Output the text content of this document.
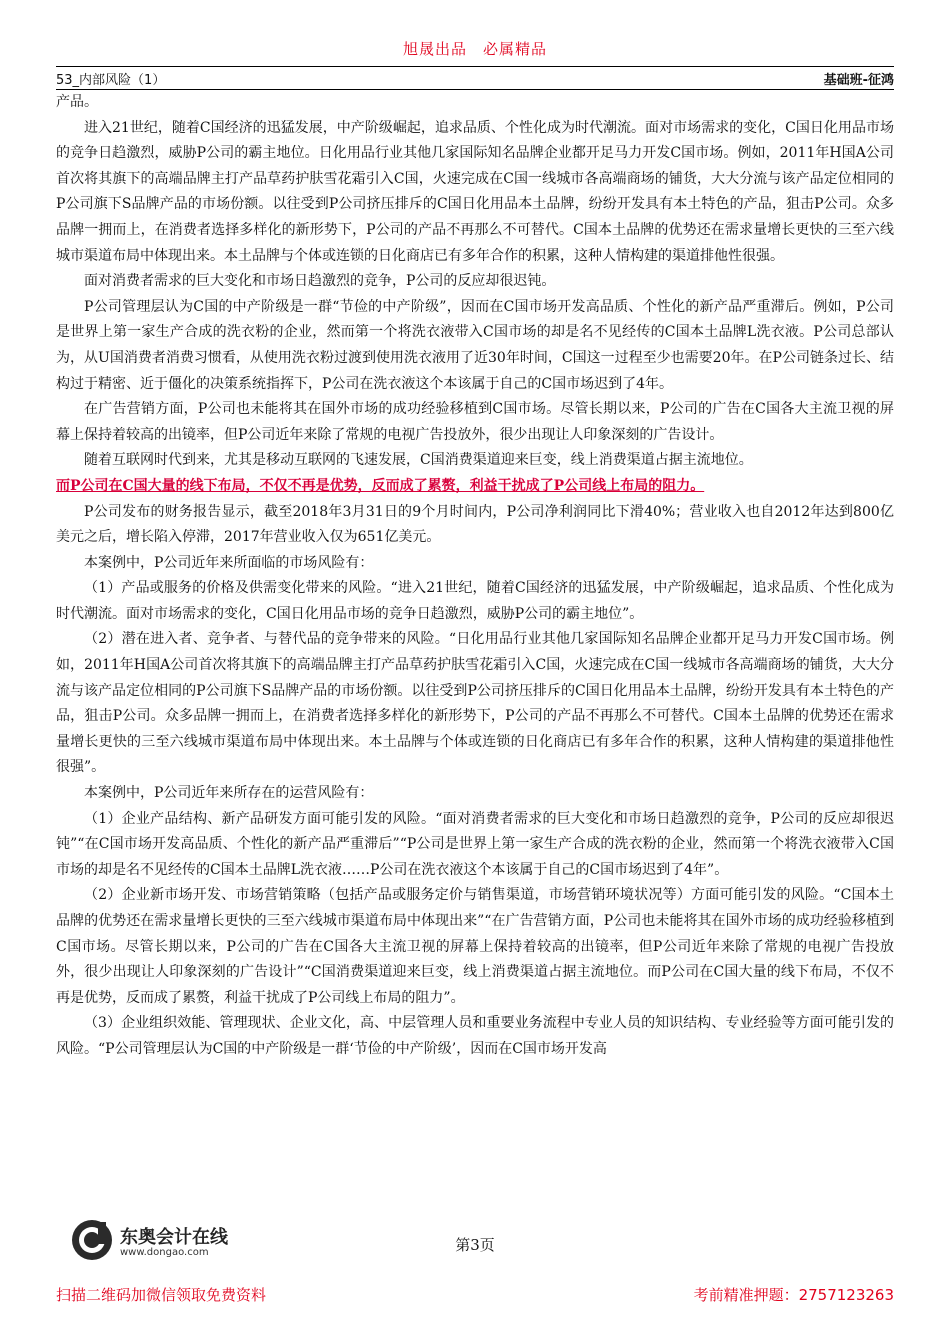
旭晟出品　必属精品
53_内部风险（1）	基础班-征鸿

产品。

进入21世纪，随着C国经济的迅猛发展，中产阶级崛起，追求品质、个性化成为时代潮流。面对市场需求的变化，C国日化用品市场的竞争日趋激烈，威胁P公司的霸主地位。日化用品行业其他几家国际知名品牌企业都开足马力开发C国市场。例如，2011年H国A公司首次将其旗下的高端品牌主打产品草药护肤雪花霜引入C国，火速完成在C国一线城市各高端商场的铺货，大大分流与该产品定位相同的P公司旗下S品牌产品的市场份额。以往受到P公司挤压排斥的C国日化用品本土品牌，纷纷开发具有本土特色的产品，狙击P公司。众多品牌一拥而上，在消费者选择多样化的新形势下，P公司的产品不再那么不可替代。C国本土品牌的优势还在需求量增长更快的三至六线城市渠道布局中体现出来。本土品牌与个体或连锁的日化商店已有多年合作的积累，这种人情构建的渠道排他性很强。

面对消费者需求的巨大变化和市场日趋激烈的竞争，P公司的反应却很迟钝。

P公司管理层认为C国的中产阶级是一群“节俭的中产阶级”，因而在C国市场开发高品质、个性化的新产品严重滞后。例如，P公司是世界上第一家生产合成的洗衣粉的企业，然而第一个将洗衣液带入C国市场的却是名不见经传的C国本土品牌L洗衣液。P公司总部认为，从U国消费者消费习惯看，从使用洗衣粉过渡到使用洗衣液用了近30年时间，C国这一过程至少也需要20年。在P公司链条过长、结构过于精密、近于僵化的决策系统指挥下，P公司在洗衣液这个本该属于自己的C国市场迟到了4年。

在广告营销方面，P公司也未能将其在国外市场的成功经验移植到C国市场。尽管长期以来，P公司的广告在C国各大主流卫视的屏幕上保持着较高的出镜率，但P公司近年来除了常规的电视广告投放外，很少出现让人印象深刻的广告设计。

随着互联网时代到来，尤其是移动互联网的飞速发展，C国消费渠道迎来巨变，线上消费渠道占据主流地位。

而P公司在C国大量的线下布局，不仅不再是优势，反而成了累赘，利益干扰成了P公司线上布局的阻力。

P公司发布的财务报告显示，截至2018年3月31日的9个月时间内，P公司净利润同比下滑40%；营业收入也自2012年达到800亿美元之后，增长陷入停滞，2017年营业收入仅为651亿美元。

本案例中，P公司近年来所面临的市场风险有：

（1）产品或服务的价格及供需变化带来的风险。“进入21世纪，随着C国经济的迅猛发展，中产阶级崛起，追求品质、个性化成为时代潮流。面对市场需求的变化，C国日化用品市场的竞争日趋激烈，威胁P公司的霸主地位”。

（2）潜在进入者、竞争者、与替代品的竞争带来的风险。“日化用品行业其他几家国际知名品牌企业都开足马力开发C国市场。例如，2011年H国A公司首次将其旗下的高端品牌主打产品草药护肤雪花霜引入C国，火速完成在C国一线城市各高端商场的铺货，大大分流与该产品定位相同的P公司旗下S品牌产品的市场份额。以往受到P公司挤压排斥的C国日化用品本土品牌，纷纷开发具有本土特色的产品，狙击P公司。众多品牌一拥而上，在消费者选择多样化的新形势下，P公司的产品不再那么不可替代。C国本土品牌的优势还在需求量增长更快的三至六线城市渠道布局中体现出来。本土品牌与个体或连锁的日化商店已有多年合作的积累，这种人情构建的渠道排他性很强”。

本案例中，P公司近年来所存在的运营风险有：

（1）企业产品结构、新产品研发方面可能引发的风险。“面对消费者需求的巨大变化和市场日趋激烈的竞争，P公司的反应却很迟钝”“在C国市场开发高品质、个性化的新产品严重滞后”“P公司是世界上第一家生产合成的洗衣粉的企业，然而第一个将洗衣液带入C国市场的却是名不见经传的C国本土品牌L洗衣液……P公司在洗衣液这个本该属于自己的C国市场迟到了4年”。

（2）企业新市场开发、市场营销策略（包括产品或服务定价与销售渠道，市场营销环境状况等）方面可能引发的风险。“C国本土品牌的优势还在需求量增长更快的三至六线城市渠道布局中体现出来”“在广告营销方面，P公司也未能将其在国外市场的成功经验移植到C国市场。尽管长期以来，P公司的广告在C国各大主流卫视的屏幕上保持着较高的出镜率，但P公司近年来除了常规的电视广告投放外，很少出现让人印象深刻的广告设计”“C国消费渠道迎来巨变，线上消费渠道占据主流地位。而P公司在C国大量的线下布局，不仅不再是优势，反而成了累赘，利益干扰成了P公司线上布局的阻力”。

（3）企业组织效能、管理现状、企业文化，高、中层管理人员和重要业务流程中专业人员的知识结构、专业经验等方面可能引发的风险。“P公司管理层认为C国的中产阶级是一群‘节俭的中产阶级’，因而在C国市场开发高

东奥会计在线
www.dongao.com	第3页
扫描二维码加微信领取免费资料	考前精准押题：2757123263
